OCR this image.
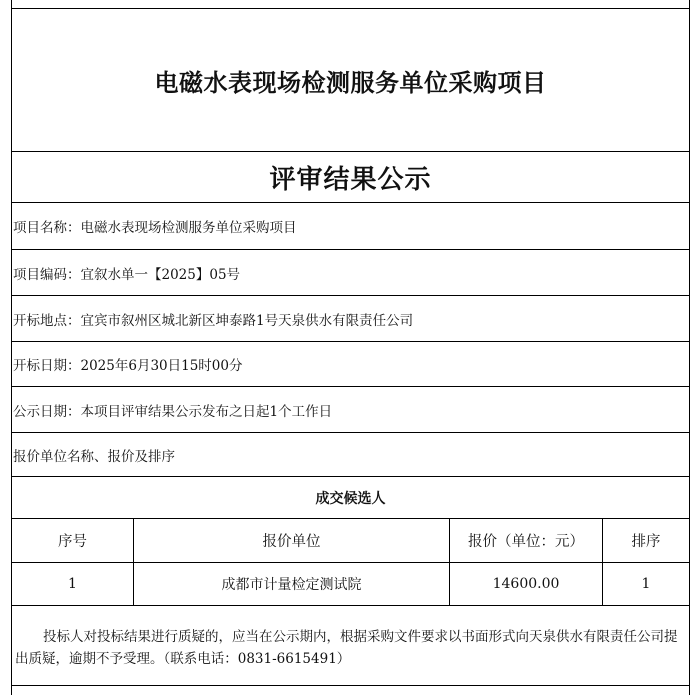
电磁水表现场检测服务单位采购项目
评审结果公示
项目名称：电磁水表现场检测服务单位采购项目
项目编码：宜叙水单一【2025】05号
开标地点：宜宾市叙州区城北新区坤泰路1号天泉供水有限责任公司
开标日期：2025年6月30日15时00分
公示日期：本项目评审结果公示发布之日起1个工作日
报价单位名称、报价及排序
成交候选人
序号	报价单位	报价（单位：元）	排序
1	成都市计量检定测试院	14600.00	1
投标人对投标结果进行质疑的，应当在公示期内，根据采购文件要求以书面形式向天泉供水有限责任公司提出质疑，逾期不予受理。（联系电话：0831-6615491）
